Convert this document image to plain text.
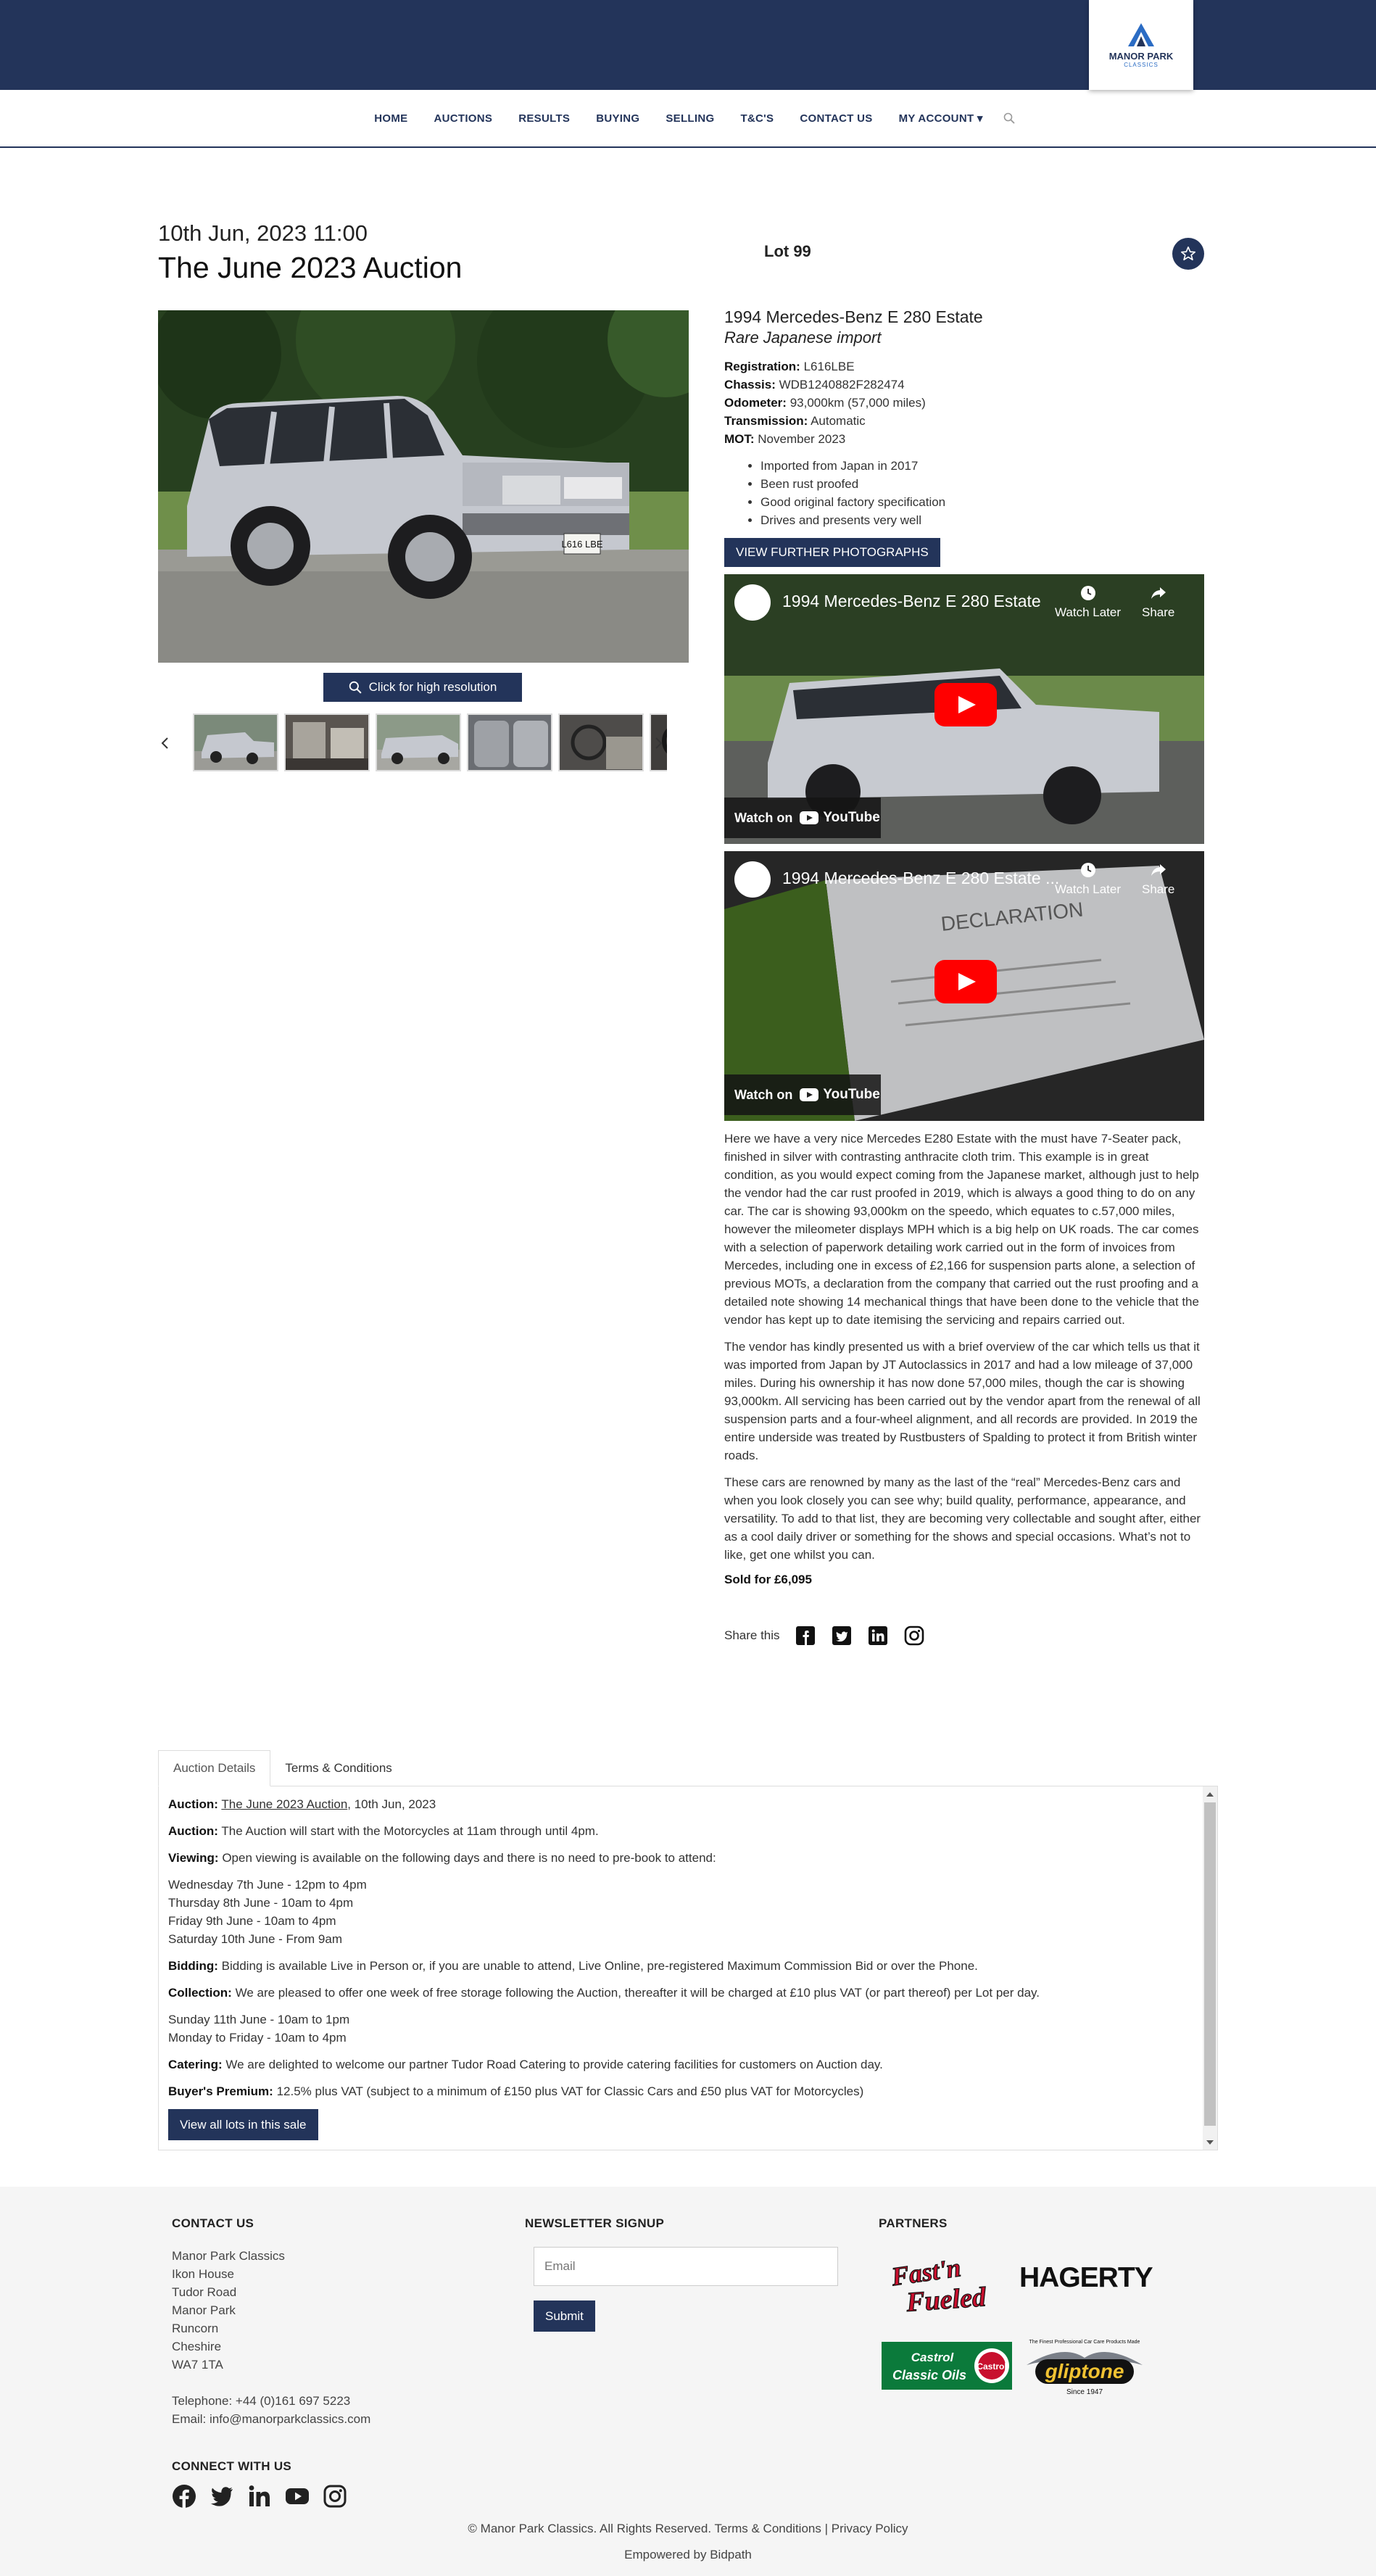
MANOR PARK
CLASSICS
HOME	AUCTIONS	RESULTS	BUYING	SELLING	T&C'S	CONTACT US	MY ACCOUNT ▾
10th Jun, 2023 11:00
The June 2023 Auction	Lot 99
L616 LBE
Click for high resolution
1994 Mercedes-Benz E 280 Estate
Rare Japanese import
Registration: L616LBE
Chassis: WDB1240882F282474
Odometer: 93,000km (57,000 miles)
Transmission: Automatic
MOT: November 2023
• Imported from Japan in 2017
• Been rust proofed
• Good original factory specification
• Drives and presents very well
VIEW FURTHER PHOTOGRAPHS
1994 Mercedes-Benz E 280 Estate
Watch Later Share
Watch on YouTube
DECLARATION
1994 Mercedes-Benz E 280 Estate ...
Watch Later Share
Watch on YouTube

Here we have a very nice Mercedes E280 Estate with the must have 7-Seater pack, finished in silver with contrasting anthracite cloth trim. This example is in great condition, as you would expect coming from the Japanese market, although just to help the vendor had the car rust proofed in 2019, which is always a good thing to do on any car. The car is showing 93,000km on the speedo, which equates to c.57,000 miles, however the mileometer displays MPH which is a big help on UK roads. The car comes with a selection of paperwork detailing work carried out in the form of invoices from Mercedes, including one in excess of £2,166 for suspension parts alone, a selection of previous MOTs, a declaration from the company that carried out the rust proofing and a detailed note showing 14 mechanical things that have been done to the vehicle that the vendor has kept up to date itemising the servicing and repairs carried out.

The vendor has kindly presented us with a brief overview of the car which tells us that it was imported from Japan by JT Autoclassics in 2017 and had a low mileage of 37,000 miles. During his ownership it has now done 57,000 miles, though the car is showing 93,000km. All servicing has been carried out by the vendor apart from the renewal of all suspension parts and a four-wheel alignment, and all records are provided. In 2019 the entire underside was treated by Rustbusters of Spalding to protect it from British winter roads.

These cars are renowned by many as the last of the “real” Mercedes-Benz cars and when you look closely you can see why; build quality, performance, appearance, and versatility. To add to that list, they are becoming very collectable and sought after, either as a cool daily driver or something for the shows and special occasions. What’s not to like, get one whilst you can.

Sold for £6,095
Share this
Auction Details	Terms & Conditions

Auction: The June 2023 Auction, 10th Jun, 2023

Auction: The Auction will start with the Motorcycles at 11am through until 4pm.

Viewing: Open viewing is available on the following days and there is no need to pre-book to attend:

Wednesday 7th June - 12pm to 4pm
Thursday 8th June - 10am to 4pm
Friday 9th June - 10am to 4pm
Saturday 10th June - From 9am

Bidding: Bidding is available Live in Person or, if you are unable to attend, Live Online, pre-registered Maximum Commission Bid or over the Phone.

Collection: We are pleased to offer one week of free storage following the Auction, thereafter it will be charged at £10 plus VAT (or part thereof) per Lot per day.

Sunday 11th June - 10am to 1pm
Monday to Friday - 10am to 4pm

Catering: We are delighted to welcome our partner Tudor Road Catering to provide catering facilities for customers on Auction day.

Buyer's Premium: 12.5% plus VAT (subject to a minimum of £150 plus VAT for Classic Cars and £50 plus VAT for Motorcycles)

View all lots in this sale
CONTACT US
Manor Park Classics
Ikon House
Tudor Road
Manor Park
Runcorn
Cheshire
WA7 1TA
Telephone: +44 (0)161 697 5223
Email: info@manorparkclassics.com
CONNECT WITH US
NEWSLETTER SIGNUP
Email
Submit
PARTNERS
Fast'n
Fueled
HAGERTY
Castrol
Classic Oils
Castrol
The Finest Professional Car Care Products Made
gliptone
Since 1947
© Manor Park Classics. All Rights Reserved. Terms & Conditions | Privacy Policy
Empowered by Bidpath
